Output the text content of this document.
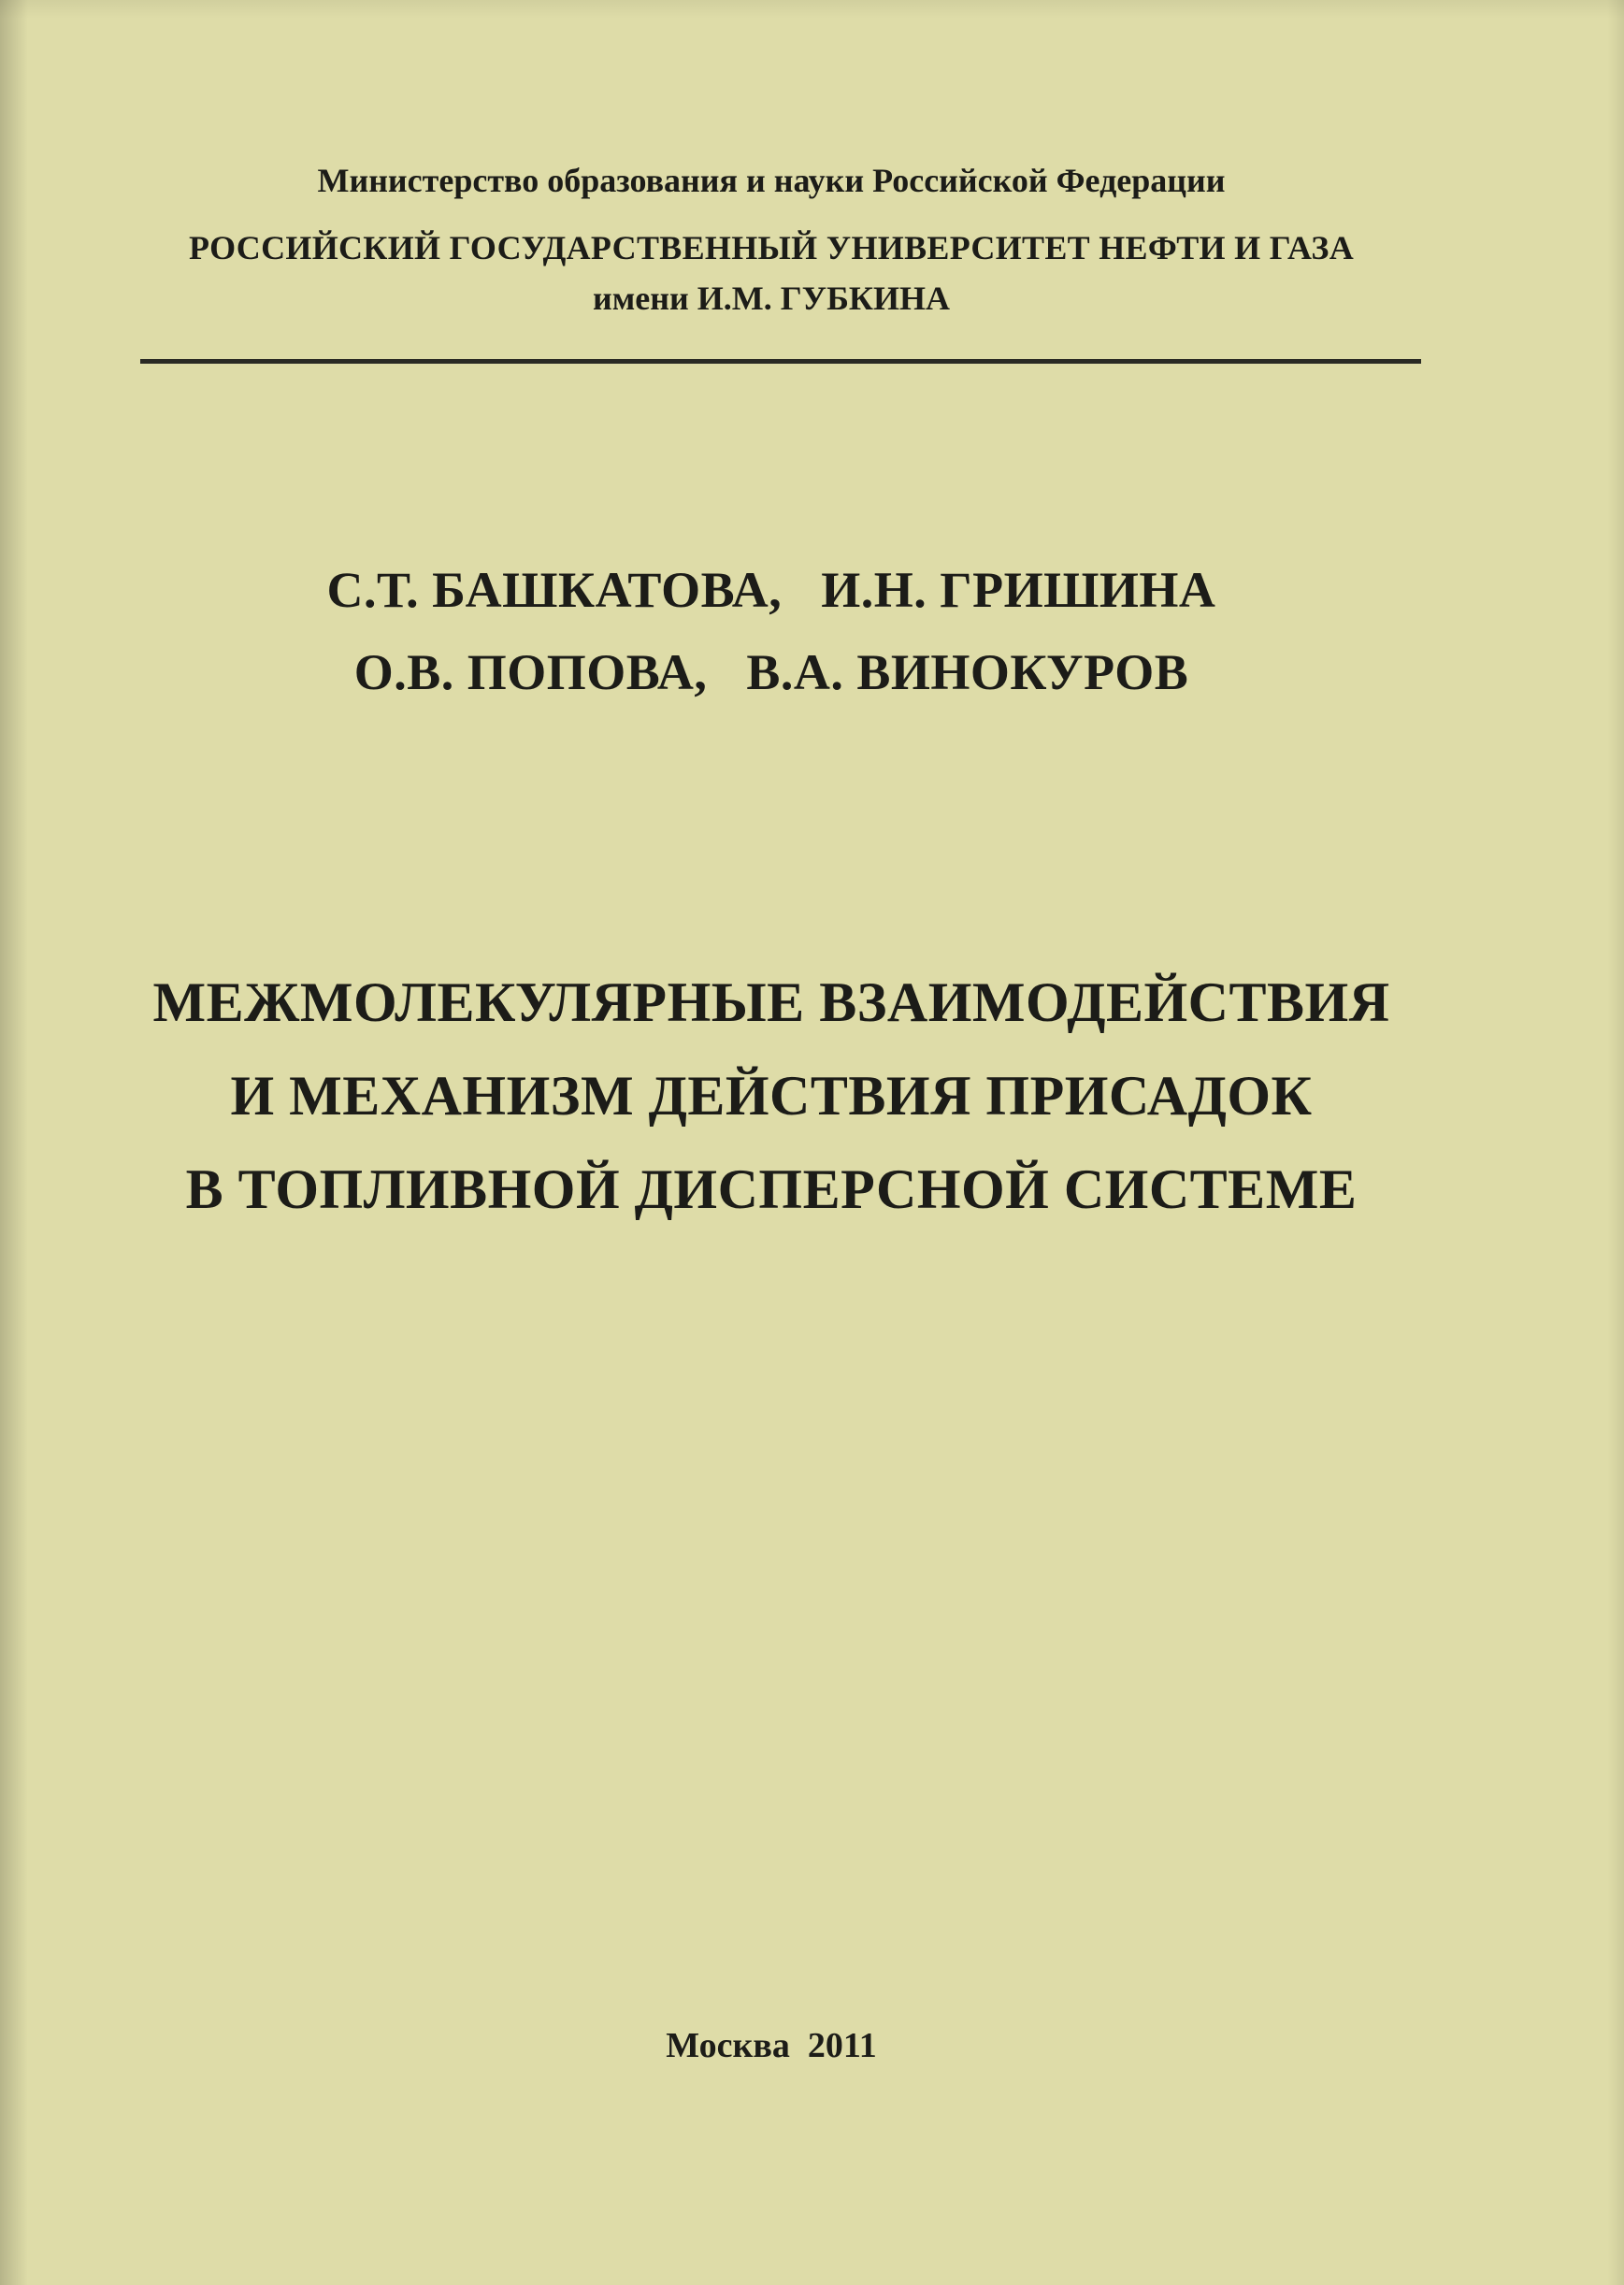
Министерство образования и науки Российской Федерации
РОССИЙСКИЙ ГОСУДАРСТВЕННЫЙ УНИВЕРСИТЕТ НЕФТИ И ГАЗА
имени И.М. ГУБКИНА
С.Т. БАШКАТОВА,   И.Н. ГРИШИНА
О.В. ПОПОВА,   В.А. ВИНОКУРОВ
МЕЖМОЛЕКУЛЯРНЫЕ ВЗАИМОДЕЙСТВИЯ
И МЕХАНИЗМ ДЕЙСТВИЯ ПРИСАДОК
В ТОПЛИВНОЙ ДИСПЕРСНОЙ СИСТЕМЕ
Москва  2011
